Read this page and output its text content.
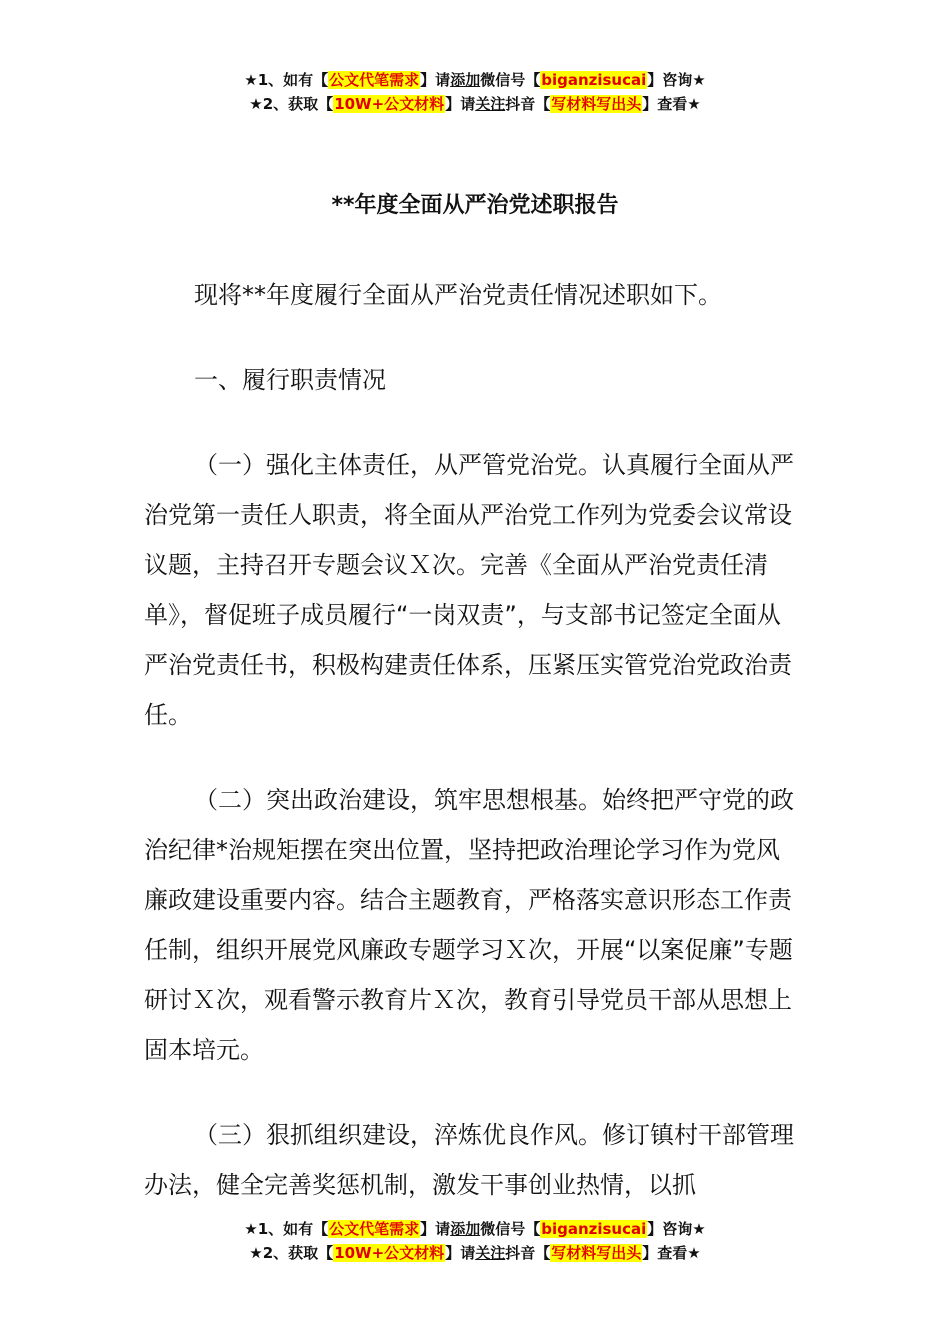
★1、如有【公文代笔需求】请添加微信号【biganzisucai】咨询★
★2、获取【10W+公文材料】请关注抖音【写材料写出头】查看★
**年度全面从严治党述职报告

现将**年度履行全面从严治党责任情况述职如下。

一、履行职责情况

（一）强化主体责任，从严管党治党。认真履行全面从严治党第一责任人职责，将全面从严治党工作列为党委会议常设议题，主持召开专题会议Ｘ次。完善《全面从严治党责任清单》，督促班子成员履行“一岗双责”，与支部书记签定全面从严治党责任书，积极构建责任体系，压紧压实管党治党政治责任。

（二）突出政治建设，筑牢思想根基。始终把严守党的政治纪律*治规矩摆在突出位置，坚持把政治理论学习作为党风廉政建设重要内容。结合主题教育，严格落实意识形态工作责任制，组织开展党风廉政专题学习Ｘ次，开展“以案促廉”专题研讨Ｘ次，观看警示教育片Ｘ次，教育引导党员干部从思想上固本培元。

（三）狠抓组织建设，淬炼优良作风。修订镇村干部管理办法，健全完善奖惩机制，激发干事创业热情，以抓

★1、如有【公文代笔需求】请添加微信号【biganzisucai】咨询★
★2、获取【10W+公文材料】请关注抖音【写材料写出头】查看★
